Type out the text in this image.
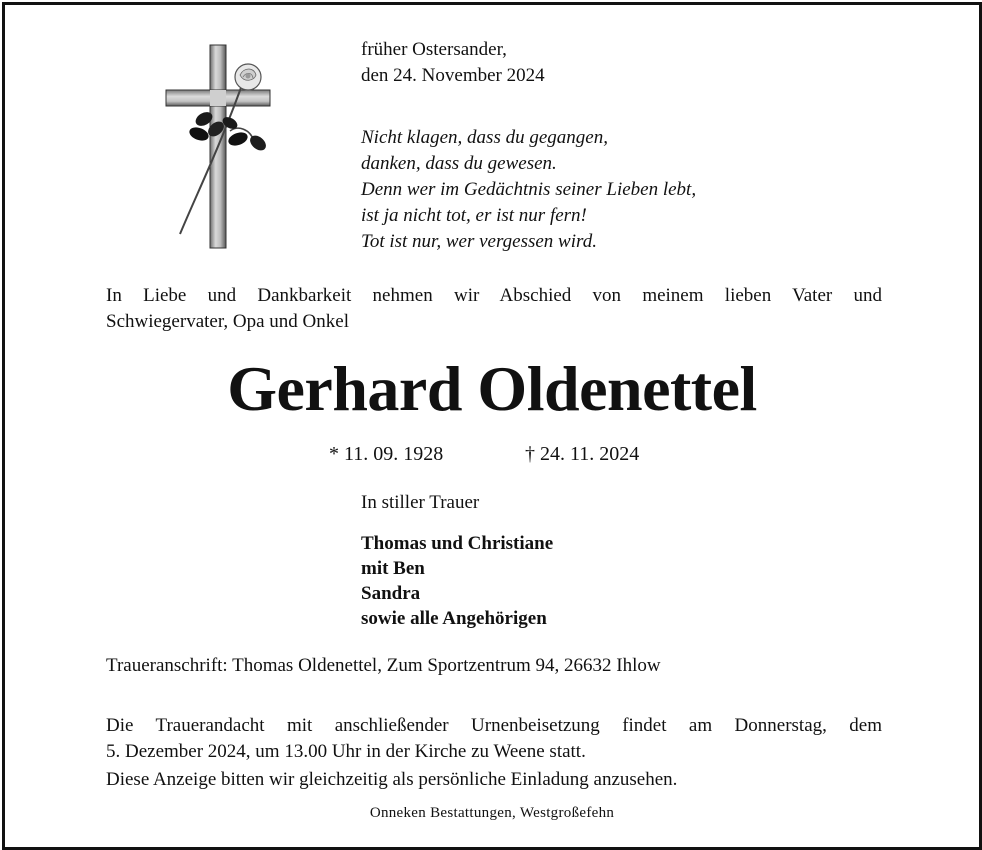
früher Ostersander,
den 24. November 2024
Nicht klagen, dass du gegangen,
danken, dass du gewesen.
Denn wer im Gedächtnis seiner Lieben lebt,
ist ja nicht tot, er ist nur fern!
Tot ist nur, wer vergessen wird.
In Liebe und Dankbarkeit nehmen wir Abschied von meinem lieben Vater und
Schwiegervater, Opa und Onkel
Gerhard Oldenettel
* 11. 09. 1928	† 24. 11. 2024
In stiller Trauer
Thomas und Christiane
mit Ben
Sandra
sowie alle Angehörigen
Traueranschrift: Thomas Oldenettel, Zum Sportzentrum 94, 26632 Ihlow
Die Trauerandacht mit anschließender Urnenbeisetzung findet am Donnerstag, dem
5. Dezember 2024, um 13.00 Uhr in der Kirche zu Weene statt.
Diese Anzeige bitten wir gleichzeitig als persönliche Einladung anzusehen.
Onneken Bestattungen, Westgroßefehn
